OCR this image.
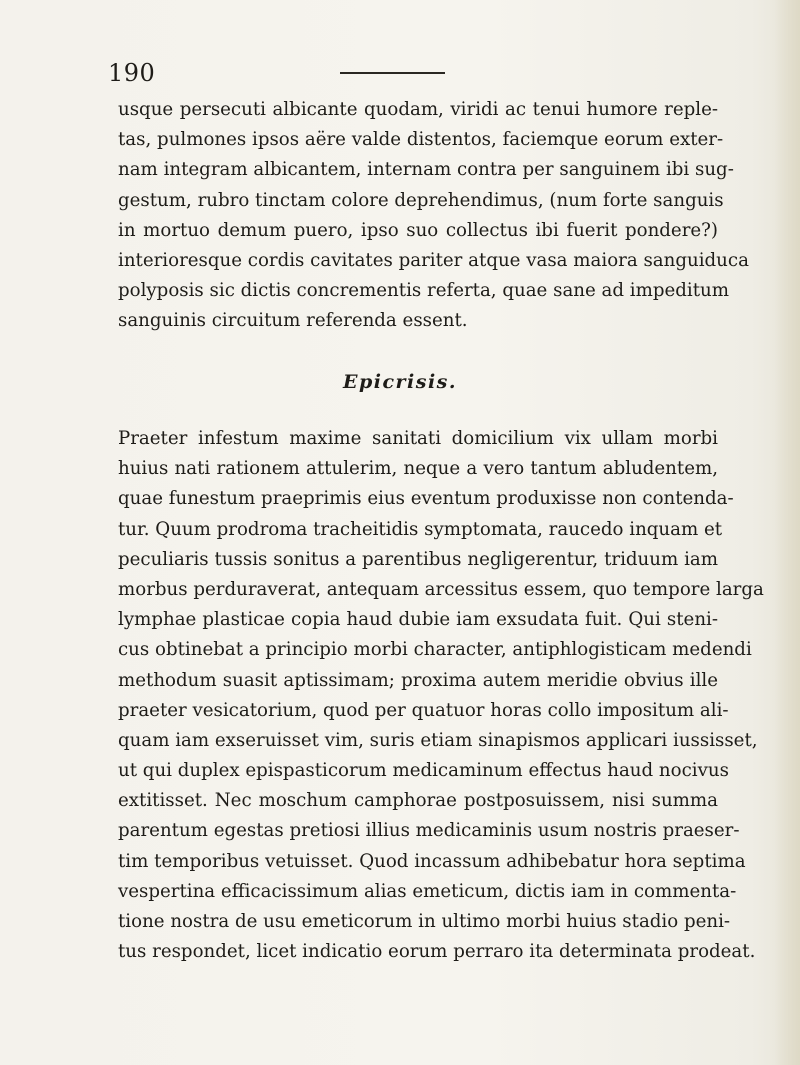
190
usque persecuti albicante quodam, viridi ac tenui humore reple-
tas, pulmones ipsos aëre valde distentos, faciemque eorum exter-
nam integram albicantem, internam contra per sanguinem ibi sug-
gestum, rubro tinctam colore deprehendimus, (num forte sanguis
in mortuo demum puero, ipso suo collectus ibi fuerit pondere?)
interioresque cordis cavitates pariter atque vasa maiora sanguiduca
polyposis sic dictis concrementis referta, quae sane ad impeditum
sanguinis circuitum referenda essent.
Epicrisis.
Praeter infestum maxime sanitati domicilium vix ullam morbi
huius nati rationem attulerim, neque a vero tantum abludentem,
quae funestum praeprimis eius eventum produxisse non contenda-
tur. Quum prodroma tracheitidis symptomata, raucedo inquam et
peculiaris tussis sonitus a parentibus negligerentur, triduum iam
morbus perduraverat, antequam arcessitus essem, quo tempore larga
lymphae plasticae copia haud dubie iam exsudata fuit. Qui steni-
cus obtinebat a principio morbi character, antiphlogisticam medendi
methodum suasit aptissimam; proxima autem meridie obvius ille
praeter vesicatorium, quod per quatuor horas collo impositum ali-
quam iam exseruisset vim, suris etiam sinapismos applicari iussisset,
ut qui duplex epispasticorum medicaminum effectus haud nocivus
extitisset. Nec moschum camphorae postposuissem, nisi summa
parentum egestas pretiosi illius medicaminis usum nostris praeser-
tim temporibus vetuisset. Quod incassum adhibebatur hora septima
vespertina efficacissimum alias emeticum, dictis iam in commenta-
tione nostra de usu emeticorum in ultimo morbi huius stadio peni-
tus respondet, licet indicatio eorum perraro ita determinata prodeat.
